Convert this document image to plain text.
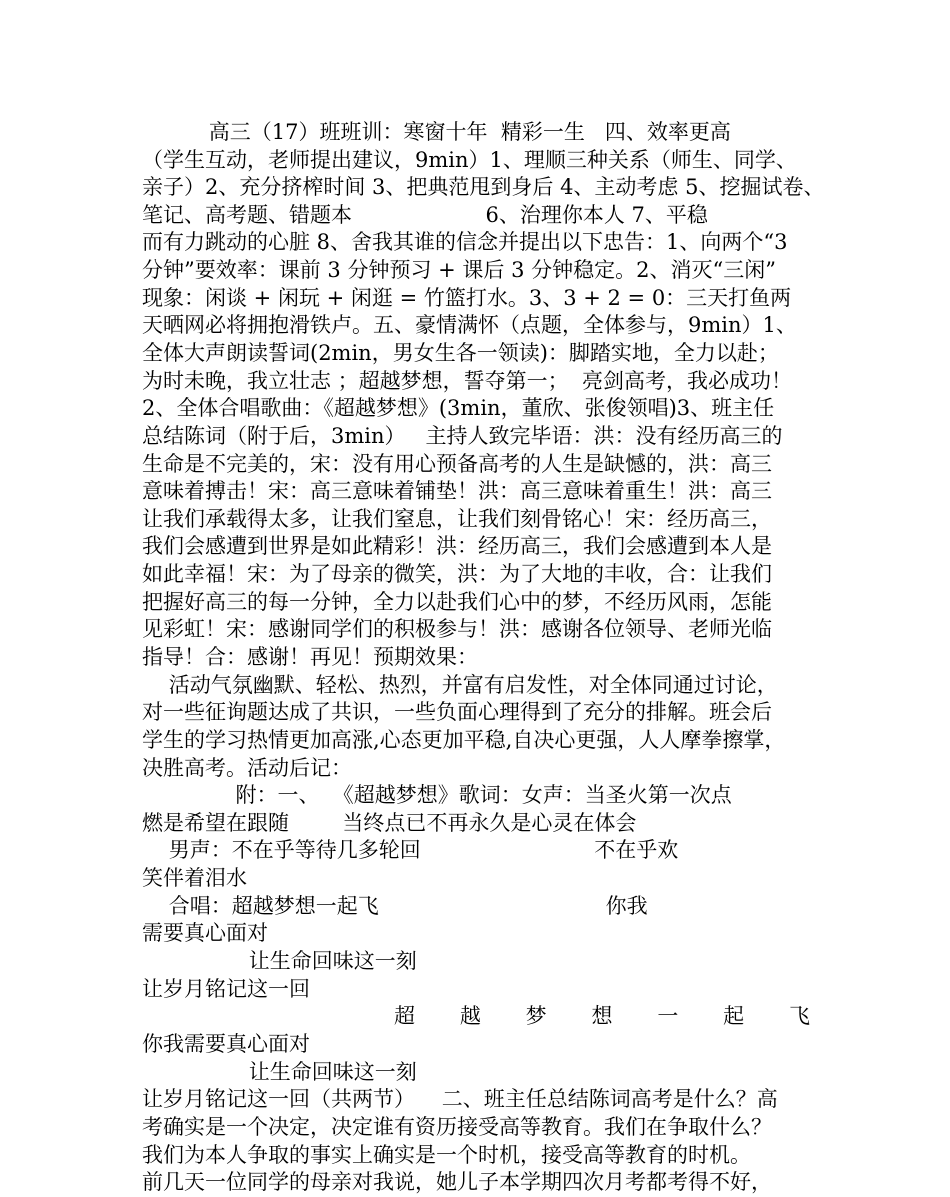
高三（17）班班训：寒窗十年  精彩一生   四、效率更高
（学生互动，老师提出建议，9min）1、理顺三种关系（师生、同学、
亲子）2、充分挤榨时间 3、把典范甩到身后 4、主动考虑 5、挖掘试卷、
笔记、高考题、错题本                    6、治理你本人 7、平稳
而有力跳动的心脏 8、舍我其谁的信念并提出以下忠告：1、向两个“3
分钟”要效率：课前 3 分钟预习 + 课后 3 分钟稳定。2、消灭“三闲”
现象：闲谈 + 闲玩 + 闲逛 = 竹篮打水。3、3 + 2 = 0：三天打鱼两
天晒网必将拥抱滑铁卢。五、豪情满怀（点题，全体参与，9min）1、
全体大声朗读誓词(2min，男女生各一领读)：脚踏实地，全力以赴；
为时未晚，我立壮志 ；超越梦想，誓夺第一；  亮剑高考，我必成功！
2、全体合唱歌曲：《超越梦想》(3min，董欣、张俊领唱)3、班主任
总结陈词（附于后，3min）   主持人致完毕语：洪：没有经历高三的
生命是不完美的，宋：没有用心预备高考的人生是缺憾的，洪：高三
意味着搏击！宋：高三意味着铺垫！洪：高三意味着重生！洪：高三
让我们承载得太多，让我们窒息，让我们刻骨铭心！宋：经历高三，
我们会感遭到世界是如此精彩！洪：经历高三，我们会感遭到本人是
如此幸福！宋：为了母亲的微笑，洪：为了大地的丰收，合：让我们
把握好高三的每一分钟，全力以赴我们心中的梦，不经历风雨，怎能
见彩虹！宋：感谢同学们的积极参与！洪：感谢各位领导、老师光临
指导！合：感谢！再见！预期效果：
活动气氛幽默、轻松、热烈，并富有启发性，对全体同通过讨论，
对一些征询题达成了共识，一些负面心理得到了充分的排解。班会后
学生的学习热情更加高涨,心态更加平稳,自决心更强，人人摩拳擦掌，
决胜高考。活动后记：
附：一、  《超越梦想》歌词：女声：当圣火第一次点
燃是希望在跟随        当终点已不再永久是心灵在体会
男声：不在乎等待几多轮回                          不在乎欢
笑伴着泪水
合唱：超越梦想一起飞                                  你我
需要真心面对
让生命回味这一刻
让岁月铭记这一回
超 越 梦 想 一 起 飞
你我需要真心面对
让生命回味这一刻
让岁月铭记这一回（共两节）    二、班主任总结陈词高考是什么？高
考确实是一个决定，决定谁有资历接受高等教育。我们在争取什么？
我们为本人争取的事实上确实是一个时机，接受高等教育的时机。
前几天一位同学的母亲对我说，她儿子本学期四次月考都考得不好，
